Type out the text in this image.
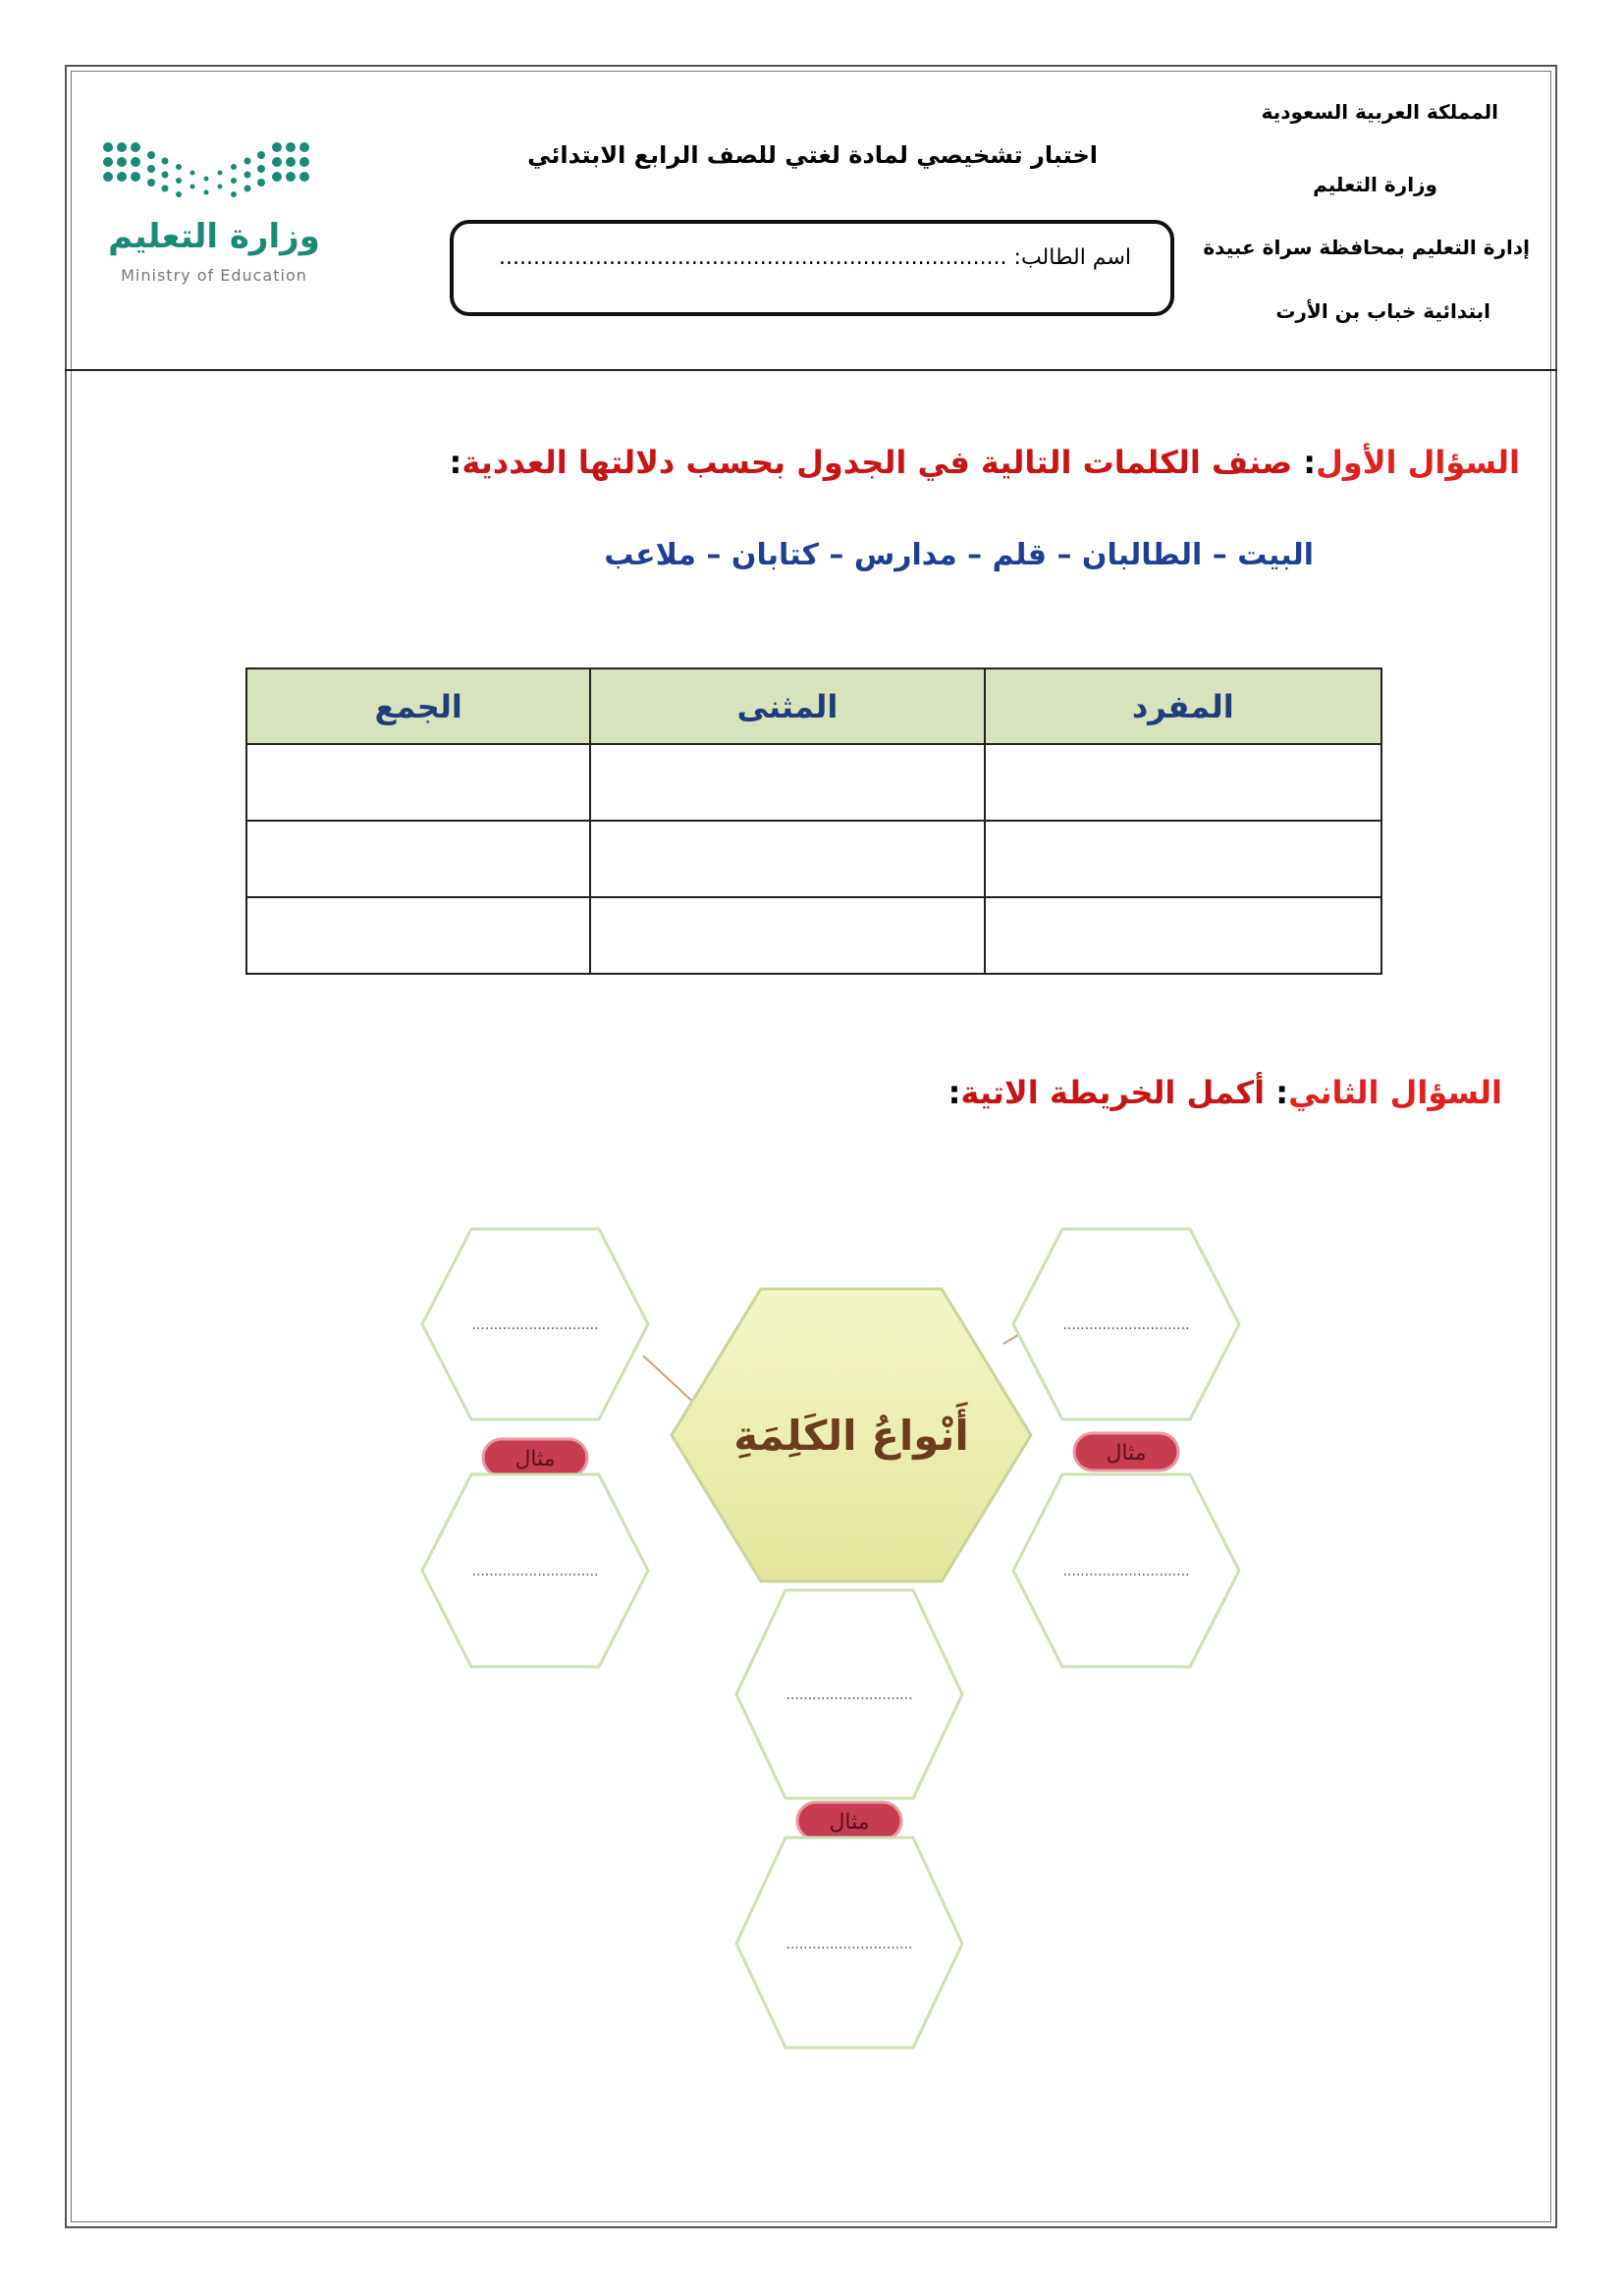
المملكة العربية السعودية
وزارة التعليم
إدارة التعليم بمحافظة سراة عبيدة
ابتدائية خباب بن الأرت
اختبار تشخيصي لمادة لغتي للصف الرابع الابتدائي
اسم الطالب: ..........................................................................
وزارة التعليم
Ministry of Education
السؤال الأول: صنف الكلمات التالية في الجدول بحسب دلالتها العددية:
البيت – الطالبان – قلم – مدارس – كتابان – ملاعب
المفرد	المثنى	الجمع

السؤال الثاني: أكمل الخريطة الاتية:
أَنْواعُ الكَلِمَةِ
.............................
مثال
.............................
.............................
مثال
.............................
.............................
مثال
.............................
